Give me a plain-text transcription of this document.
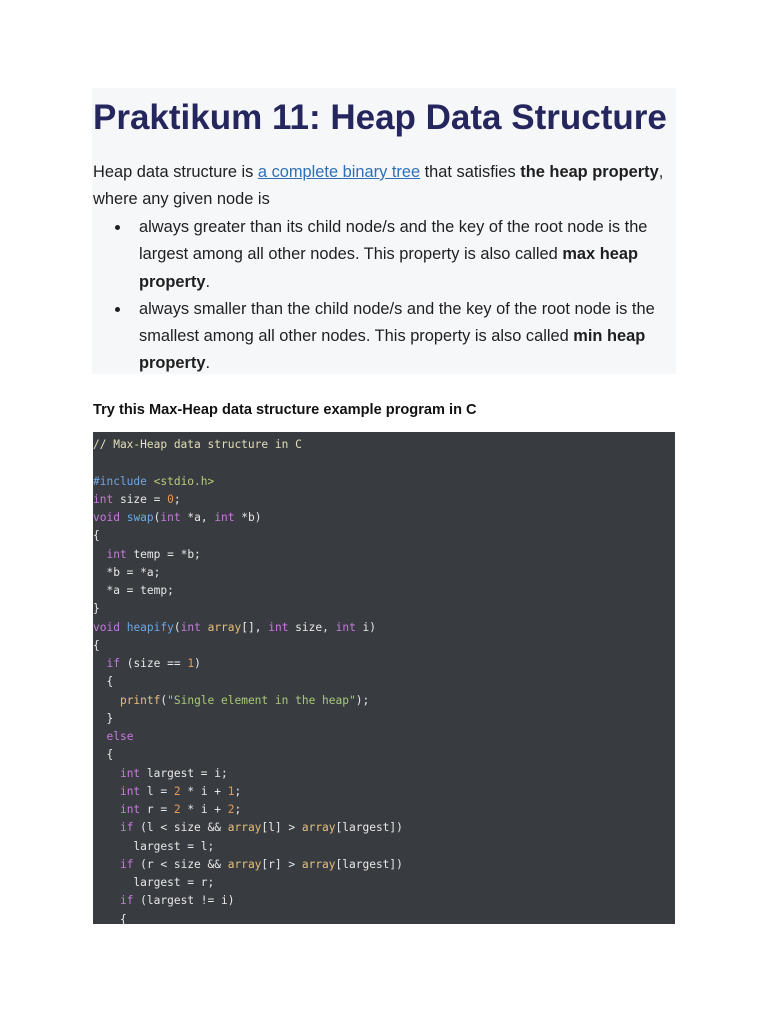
Praktikum 11: Heap Data Structure

Heap data structure is a complete binary tree that satisfies the heap property, where any given node is

always greater than its child node/s and the key of the root node is the largest among all other nodes. This property is also called max heap property.
always smaller than the child node/s and the key of the root node is the smallest among all other nodes. This property is also called min heap property.
Try this Max-Heap data structure example program in C
// Max-Heap data structure in C
#include <stdio.h>
int size = 0;
void swap(int *a, int *b)
{
int temp = *b;
*b = *a;
*a = temp;
}
void heapify(int array[], int size, int i)
{
if (size == 1)
{
printf("Single element in the heap");
}
else
{
int largest = i;
int l = 2 * i + 1;
int r = 2 * i + 2;
if (l < size && array[l] > array[largest])
largest = l;
if (r < size && array[r] > array[largest])
largest = r;
if (largest != i)
{
